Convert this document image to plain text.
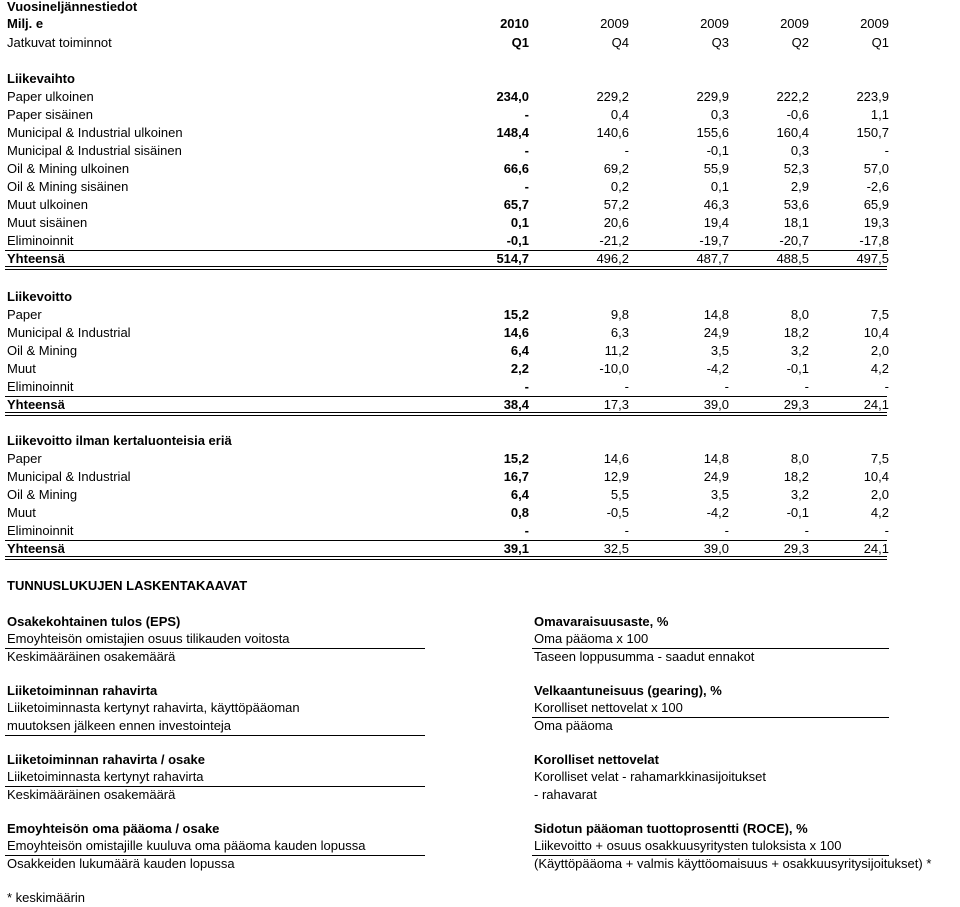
Vuosineljännestiedot
Milj. e	2010	2009	2009	2009	2009
Jatkuvat toiminnot	Q1	Q4	Q3	Q2	Q1
Liikevaihto
Paper ulkoinen	234,0	229,2	229,9	222,2	223,9
Paper sisäinen	-	0,4	0,3	-0,6	1,1
Municipal & Industrial ulkoinen	148,4	140,6	155,6	160,4	150,7
Municipal & Industrial sisäinen	-	-	-0,1	0,3	-
Oil & Mining ulkoinen	66,6	69,2	55,9	52,3	57,0
Oil & Mining sisäinen	-	0,2	0,1	2,9	-2,6
Muut ulkoinen	65,7	57,2	46,3	53,6	65,9
Muut sisäinen	0,1	20,6	19,4	18,1	19,3
Eliminoinnit	-0,1	-21,2	-19,7	-20,7	-17,8
Yhteensä	514,7	496,2	487,7	488,5	497,5
Liikevoitto
Paper	15,2	9,8	14,8	8,0	7,5
Municipal & Industrial	14,6	6,3	24,9	18,2	10,4
Oil & Mining	6,4	11,2	3,5	3,2	2,0
Muut	2,2	-10,0	-4,2	-0,1	4,2
Eliminoinnit	-	-	-	-	-
Yhteensä	38,4	17,3	39,0	29,3	24,1
Liikevoitto ilman kertaluonteisia eriä
Paper	15,2	14,6	14,8	8,0	7,5
Municipal & Industrial	16,7	12,9	24,9	18,2	10,4
Oil & Mining	6,4	5,5	3,5	3,2	2,0
Muut	0,8	-0,5	-4,2	-0,1	4,2
Eliminoinnit	-	-	-	-	-
Yhteensä	39,1	32,5	39,0	29,3	24,1
TUNNUSLUKUJEN LASKENTAKAAVAT
Osakekohtainen tulos (EPS)
Emoyhteisön omistajien osuus tilikauden voitosta
Keskimääräinen osakemäärä
Liiketoiminnan rahavirta
Liiketoiminnasta kertynyt rahavirta, käyttöpääoman
muutoksen jälkeen ennen investointeja
Liiketoiminnan rahavirta / osake
Liiketoiminnasta kertynyt rahavirta
Keskimääräinen osakemäärä
Emoyhteisön oma pääoma / osake
Emoyhteisön omistajille kuuluva oma pääoma kauden lopussa
Osakkeiden lukumäärä kauden lopussa
Omavaraisuusaste, %
Oma pääoma x 100
Taseen loppusumma - saadut ennakot
Velkaantuneisuus (gearing), %
Korolliset nettovelat x 100
Oma pääoma
Korolliset nettovelat
Korolliset velat - rahamarkkinasijoitukset
- rahavarat
Sidotun pääoman tuottoprosentti (ROCE), %
Liikevoitto + osuus osakkuusyritysten tuloksista x 100
(Käyttöpääoma + valmis käyttöomaisuus + osakkuusyritysijoitukset) *
* keskimäärin
